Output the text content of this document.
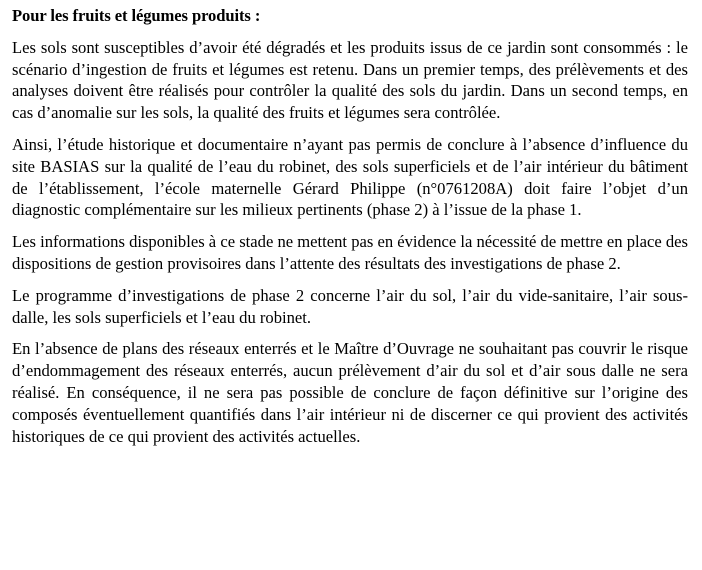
Pour les fruits et légumes produits :

Les sols sont susceptibles d’avoir été dégradés et les produits issus de ce jardin sont consommés : le scénario d’ingestion de fruits et légumes est retenu. Dans un premier temps, des prélèvements et des analyses doivent être réalisés pour contrôler la qualité des sols du jardin. Dans un second temps, en cas d’anomalie sur les sols, la qualité des fruits et légumes sera contrôlée.

Ainsi, l’étude historique et documentaire n’ayant pas permis de conclure à l’absence d’influence du site BASIAS sur la qualité de l’eau du robinet, des sols superficiels et de l’air intérieur du bâtiment de l’établissement, l’école maternelle Gérard Philippe (n°0761208A) doit faire l’objet d’un diagnostic complémentaire sur les milieux pertinents (phase 2) à l’issue de la phase 1.

Les informations disponibles à ce stade ne mettent pas en évidence la nécessité de mettre en place des dispositions de gestion provisoires dans l’attente des résultats des investigations de phase 2.

Le programme d’investigations de phase 2 concerne l’air du sol, l’air du vide-sanitaire, l’air sous-dalle, les sols superficiels et l’eau du robinet.

En l’absence de plans des réseaux enterrés et le Maître d’Ouvrage ne souhaitant pas couvrir le risque d’endommagement des réseaux enterrés, aucun prélèvement d’air du sol et d’air sous dalle ne sera réalisé. En conséquence, il ne sera pas possible de conclure de façon définitive sur l’origine des composés éventuellement quantifiés dans l’air intérieur ni de discerner ce qui provient des activités historiques de ce qui provient des activités actuelles.
